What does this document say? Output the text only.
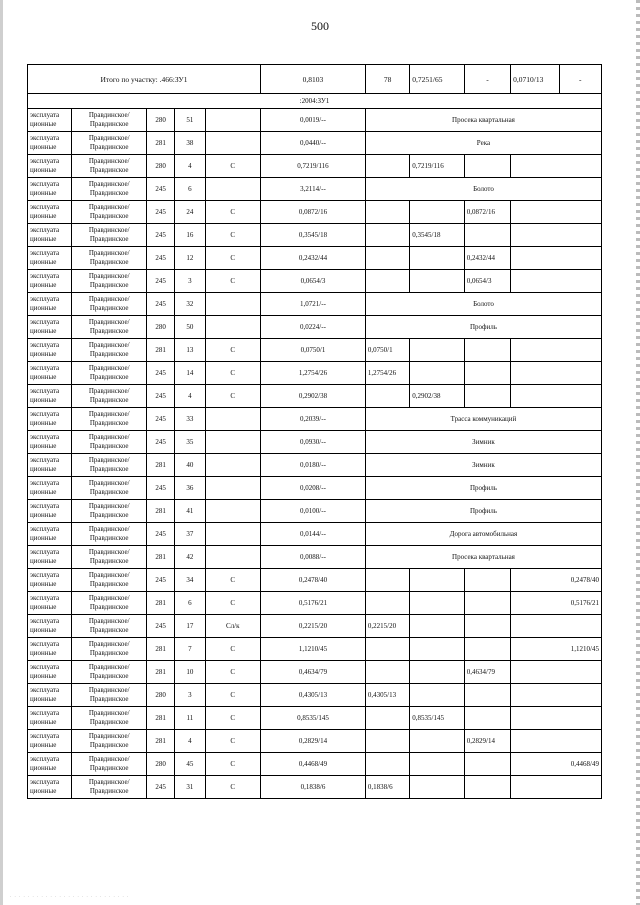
500
Итого по участку: .466:ЗУ1					0,8103	78	0,7251/65	-	0,0710/13	-
:2004:ЗУ1										
эксплуата ционные	Правдинское/ Правдинское	280	51		0,0019/--	Просека квартальная				
эксплуата ционные	Правдинское/ Правдинское	281	38		0,0440/--	Река				
эксплуата ционные	Правдинское/ Правдинское	280	4	С	0,7219/116		0,7219/116			
эксплуата ционные	Правдинское/ Правдинское	245	6		3,2114/--	Болото				
эксплуата ционные	Правдинское/ Правдинское	245	24	С	0,0872/16			0,0872/16		
эксплуата ционные	Правдинское/ Правдинское	245	16	С	0,3545/18		0,3545/18			
эксплуата ционные	Правдинское/ Правдинское	245	12	С	0,2432/44			0,2432/44		
эксплуата ционные	Правдинское/ Правдинское	245	3	С	0,0654/3			0,0654/3		
эксплуата ционные	Правдинское/ Правдинское	245	32		1,0721/--	Болото				
эксплуата ционные	Правдинское/ Правдинское	280	50		0,0224/--	Профиль				
эксплуата ционные	Правдинское/ Правдинское	281	13	С	0,0750/1	0,0750/1				
эксплуата ционные	Правдинское/ Правдинское	245	14	С	1,2754/26	1,2754/26				
эксплуата ционные	Правдинское/ Правдинское	245	4	С	0,2902/38		0,2902/38			
эксплуата ционные	Правдинское/ Правдинское	245	33		0,2039/--	Трасса коммуникаций				
эксплуата ционные	Правдинское/ Правдинское	245	35		0,0930/--	Зимник				
эксплуата ционные	Правдинское/ Правдинское	281	40		0,0180/--	Зимник				
эксплуата ционные	Правдинское/ Правдинское	245	36		0,0208/--	Профиль				
эксплуата ционные	Правдинское/ Правдинское	281	41		0,0100/--	Профиль				
эксплуата ционные	Правдинское/ Правдинское	245	37		0,0144/--	Дорога автомобильная				
эксплуата ционные	Правдинское/ Правдинское	281	42		0,0088/--	Просека квартальная				
эксплуата ционные	Правдинское/ Правдинское	245	34	С	0,2478/40				0,2478/40	
эксплуата ционные	Правдинское/ Правдинское	281	6	С	0,5176/21				0,5176/21	
эксплуата ционные	Правдинское/ Правдинское	245	17	Сл/к	0,2215/20	0,2215/20				
эксплуата ционные	Правдинское/ Правдинское	281	7	С	1,1210/45				1,1210/45	
эксплуата ционные	Правдинское/ Правдинское	281	10	С	0,4634/79			0,4634/79		
эксплуата ционные	Правдинское/ Правдинское	280	3	С	0,4305/13	0,4305/13				
эксплуата ционные	Правдинское/ Правдинское	281	11	С	0,8535/145		0,8535/145			
эксплуата ционные	Правдинское/ Правдинское	281	4	С	0,2829/14			0,2829/14		
эксплуата ционные	Правдинское/ Правдинское	280	45	С	0,4468/49				0,4468/49	
эксплуата ционные	Правдинское/ Правдинское	245	31	С	0,1838/6	0,1838/6				
. . . . . . . . . . . . . . . . . . . . . . . . . . .
